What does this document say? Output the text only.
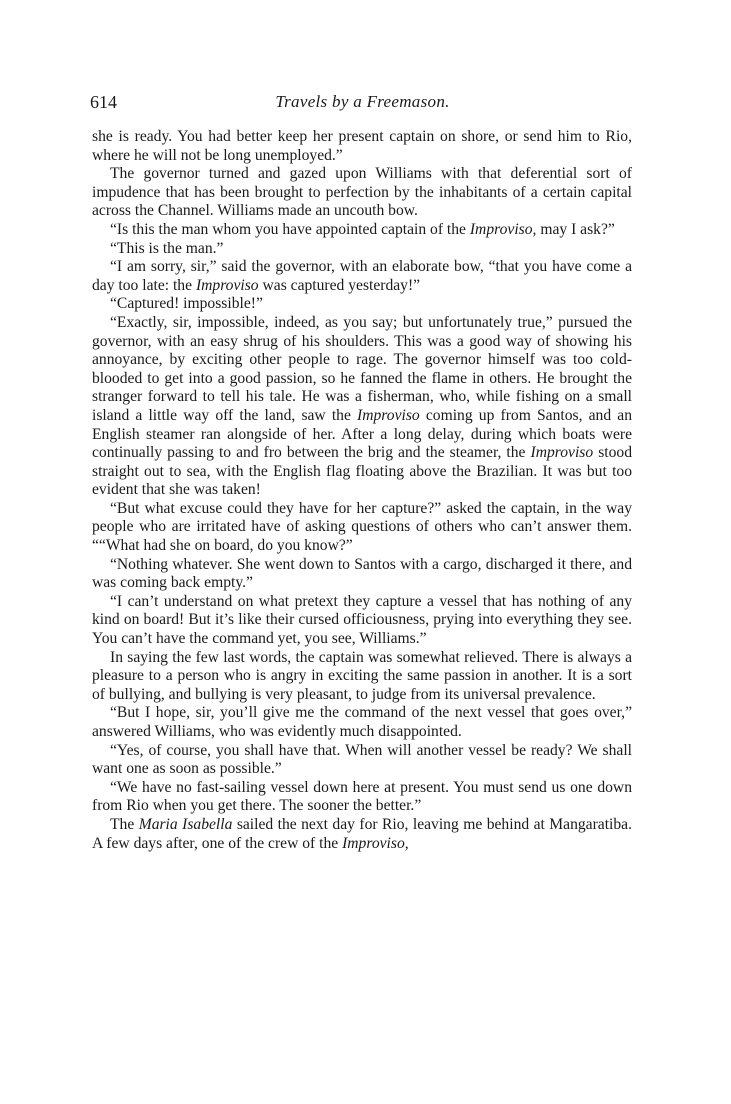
614	Travels by a Freemason.

she is ready. You had better keep her present captain on shore, or send him to Rio, where he will not be long unemployed.”

The governor turned and gazed upon Williams with that deferential sort of impudence that has been brought to perfection by the inhabitants of a certain capital across the Channel. Williams made an uncouth bow.

“Is this the man whom you have appointed captain of the Improviso, may I ask?”

“This is the man.”

“I am sorry, sir,” said the governor, with an elaborate bow, “that you have come a day too late: the Improviso was captured yesterday!”

“Captured! impossible!”

“Exactly, sir, impossible, indeed, as you say; but unfortunately true,” pursued the governor, with an easy shrug of his shoulders. This was a good way of showing his annoyance, by exciting other people to rage. The governor himself was too cold-blooded to get into a good passion, so he fanned the flame in others. He brought the stranger forward to tell his tale. He was a fisherman, who, while fishing on a small island a little way off the land, saw the Improviso coming up from Santos, and an English steamer ran alongside of her. After a long delay, during which boats were continually passing to and fro between the brig and the steamer, the Improviso stood straight out to sea, with the English flag floating above the Brazilian. It was but too evident that she was taken!

“But what excuse could they have for her capture?” asked the captain, in the way people who are irritated have of asking questions of others who can’t answer them. ““What had she on board, do you know?”

“Nothing whatever. She went down to Santos with a cargo, discharged it there, and was coming back empty.”

“I can’t understand on what pretext they capture a vessel that has nothing of any kind on board! But it’s like their cursed officiousness, prying into everything they see. You can’t have the command yet, you see, Williams.”

In saying the few last words, the captain was somewhat relieved. There is always a pleasure to a person who is angry in exciting the same passion in another. It is a sort of bullying, and bullying is very pleasant, to judge from its universal prevalence.

“But I hope, sir, you’ll give me the command of the next vessel that goes over,” answered Williams, who was evidently much disappointed.

“Yes, of course, you shall have that. When will another vessel be ready? We shall want one as soon as possible.”

“We have no fast-sailing vessel down here at present. You must send us one down from Rio when you get there. The sooner the better.”

The Maria Isabella sailed the next day for Rio, leaving me behind at Mangaratiba. A few days after, one of the crew of the Improviso,
